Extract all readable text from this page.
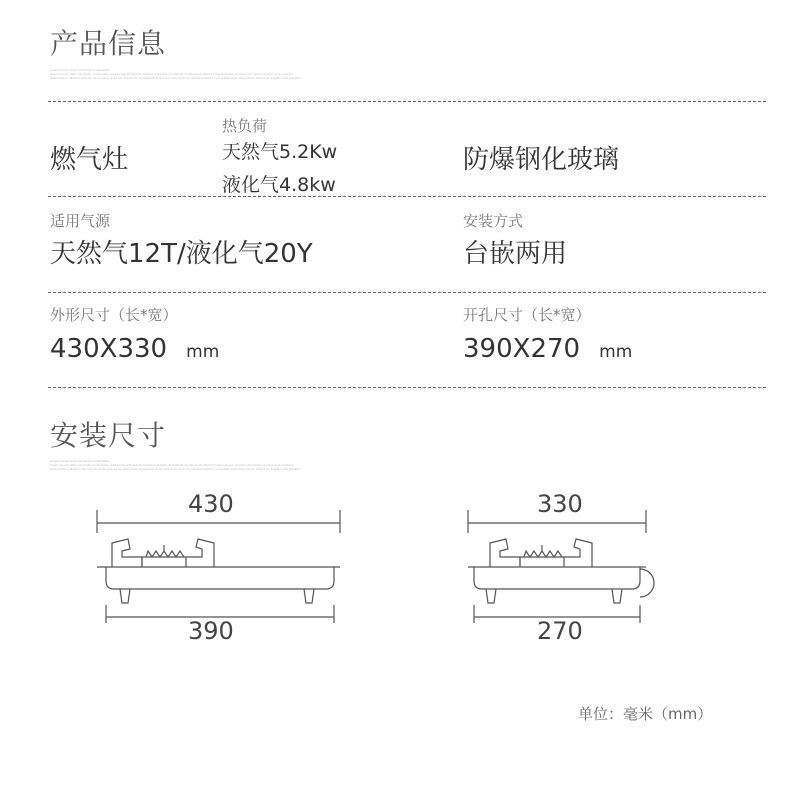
产品信息
Lorem ipsum dolor sit amet consectetur
lorem ipsum dolor sit amet consectetur adipiscing elit sed do eiusmod tempor incididunt ut labore et dolore magna aliqua ut enim ad minim veniam quis nostrud
exercitation ullamco laboris nisi ut aliquip ex ea commodo consequat duis aute irure dolor in reprehenderit in voluptate velit esse cillum dolore eu fugiat nulla pariatur
燃气灶
热负荷
天然气5.2Kw
液化气4.8kw
防爆钢化玻璃
适用气源
天然气12T/液化气20Y
安装方式
台嵌两用
外形尺寸（长*宽）
430X330 mm
开孔尺寸（长*宽）
390X270 mm
安装尺寸
Lorem ipsum dolor sit amet consectetur
lorem ipsum dolor sit amet consectetur adipiscing elit sed do eiusmod tempor incididunt ut labore et dolore magna aliqua ut enim ad minim veniam quis nostrud
exercitation ullamco laboris nisi ut aliquip ex ea commodo consequat duis aute irure dolor in reprehenderit in voluptate velit esse cillum dolore eu fugiat nulla pariatur
430
390
330
270
单位：毫米（mm）
